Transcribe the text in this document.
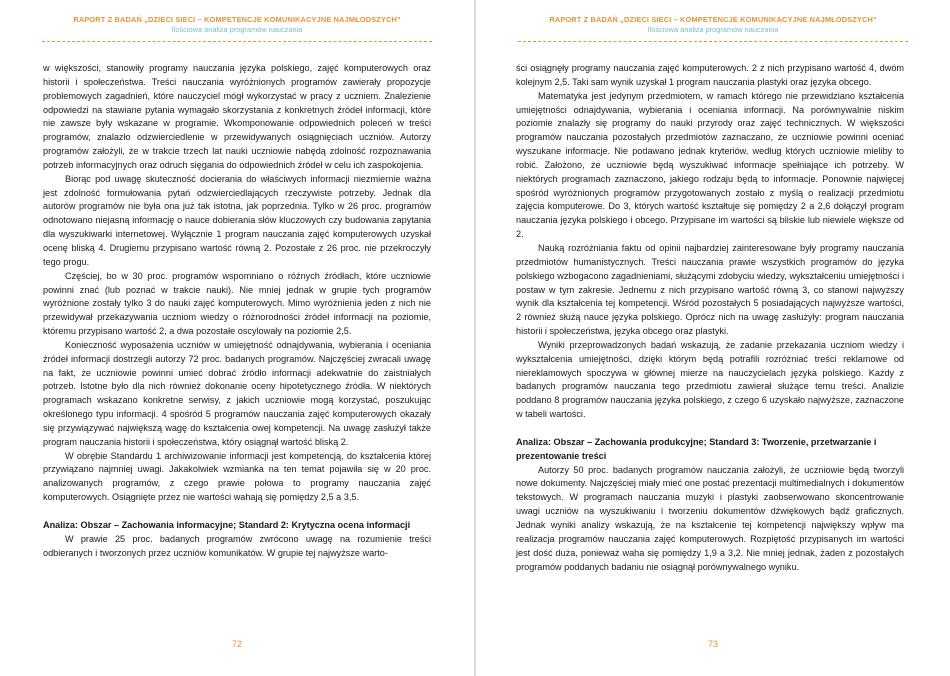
RAPORT Z BADAŃ „DZIECI SIECI – KOMPETENCJE KOMUNIKACYJNE NAJMŁODSZYCH"
Ilościowa analiza programów nauczania

w większości, stanowiły programy nauczania języka polskiego, zajęć komputerowych oraz historii i społeczeństwa. Treści nauczania wyróżnionych programów zawierały propozycje problemowych zagadnień, które nauczyciel mógł wykorzystać w pracy z uczniem. Znalezienie odpowiedzi na stawiane pytania wymagało skorzystania z konkretnych źródeł informacji, które nie zawsze były wskazane w programie. Wkomponowanie odpowiednich poleceń w treści programów, znalazło odzwierciedlenie w przewidywanych osiągnięciach uczniów. Autorzy programów założyli, że w trakcie trzech lat nauki uczniowie nabędą zdolność rozpoznawania potrzeb informacyjnych oraz odruch sięgania do odpowiednich źródeł w celu ich zaspokojenia.

Biorąc pod uwagę skuteczność docierania do właściwych informacji niezmiernie ważna jest zdolność formułowania pytań odzwierciedlających rzeczywiste potrzeby. Jednak dla autorów programów nie była ona już tak istotna, jak poprzednia. Tylko w 26 proc. programów odnotowano niejasną informację o nauce dobierania słów kluczowych czy budowania zapytania dla wyszukiwarki internetowej. Wyłącznie 1 program nauczania zajęć komputerowych uzyskał ocenę bliską 4. Drugiemu przypisano wartość równą 2. Pozostałe z 26 proc. nie przekroczyły tego progu.

Częściej, bo w 30 proc. programów wspomniano o różnych źródłach, które uczniowie powinni znać (lub poznać w trakcie nauki). Nie mniej jednak w grupie tych programów wyróżnione zostały tylko 3 do nauki zajęć komputerowych. Mimo wyróżnienia jeden z nich nie przewidywał przekazywania uczniom wiedzy o różnorodności źródeł informacji na poziomie, któremu przypisano wartość 2, a dwa pozostałe oscylowały na poziomie 2,5.

Konieczność wyposażenia uczniów w umiejętność odnajdywania, wybierania i oceniania źródeł informacji dostrzegli autorzy 72 proc. badanych programów. Najczęściej zwracali uwagę na fakt, że uczniowie powinni umieć dobrać źródło informacji adekwatnie do zaistniałych potrzeb. Istotne było dla nich również dokonanie oceny hipotetycznego źródła. W niektórych programach wskazano konkretne serwisy, z jakich uczniowie mogą korzystać, poszukując określonego typu informacji. 4 spośród 5 programów nauczania zajęć komputerowych okazały się przywiązywać największą wagę do kształcenia owej kompetencji. Na uwagę zasłużył także program nauczania historii i społeczeństwa, który osiągnął wartość bliską 2.

W obrębie Standardu 1 archiwizowanie informacji jest kompetencją, do kształcenia której przywiązano najmniej uwagi. Jakakolwiek wzmianka na ten temat pojawiła się w 20 proc. analizowanych programów, z czego prawie połowa to programy nauczania zajęć komputerowych. Osiągnięte przez nie wartości wahają się pomiędzy 2,5 a 3,5.

Analiza: Obszar – Zachowania informacyjne; Standard 2: Krytyczna ocena informacji

W prawie 25 proc. badanych programów zwrócono uwagę na rozumienie treści odbieranych i tworzonych przez uczniów komunikatów. W grupie tej najwyższe warto-

72
RAPORT Z BADAŃ „DZIECI SIECI – KOMPETENCJE KOMUNIKACYJNE NAJMŁODSZYCH"
Ilościowa analiza programów nauczania

ści osiągnęły programy nauczania zajęć komputerowych. 2 z nich przypisano wartość 4, dwóm kolejnym 2,5. Taki sam wynik uzyskał 1 program nauczania plastyki oraz języka obcego.

Matematyka jest jedynym przedmiotem, w ramach którego nie przewidziano kształcenia umiejętności odnajdywania, wybierania i oceniania informacji. Na porównywalnie niskim poziomie znalazły się programy do nauki przyrody oraz zajęć technicznych. W większości programów nauczania pozostałych przedmiotów zaznaczano, że uczniowie powinni oceniać wyszukane informacje. Nie podawano jednak kryteriów, według których uczniowie mieliby to robić. Założono, że uczniowie będą wyszukiwać informacje spełniające ich potrzeby. W niektórych programach zaznaczono, jakiego rodzaju będą to informacje. Ponownie najwięcej spośród wyróżnionych programów przygotowanych zostało z myślą o realizacji przedmiotu zajęcia komputerowe. Do 3, których wartość kształtuje się pomiędzy 2 a 2,6 dołączył program nauczania języka polskiego i obcego. Przypisane im wartości są bliskie lub niewiele większe od 2.

Nauką rozróżniania faktu od opinii najbardziej zainteresowane były programy nauczania przedmiotów humanistycznych. Treści nauczania prawie wszystkich programów do języka polskiego wzbogacono zagadnieniami, służącymi zdobyciu wiedzy, wykształceniu umiejętności i postaw w tym zakresie. Jednemu z nich przypisano wartość równą 3, co stanowi najwyższy wynik dla kształcenia tej kompetencji. Wśród pozostałych 5 posiadających najwyższe wartości, 2 również służą nauce języka polskiego. Oprócz nich na uwagę zasłużyły: program nauczania historii i społeczeństwa, języka obcego oraz plastyki.

Wyniki przeprowadzonych badań wskazują, że zadanie przekazania uczniom wiedzy i wykształcenia umiejętności, dzięki którym będą potrafili rozróżniać treści reklamowe od niereklamowych spoczywa w głównej mierze na nauczycielach języka polskiego. Każdy z badanych programów nauczania tego przedmiotu zawierał służące temu treści. Analizie poddano 8 programów nauczania języka polskiego, z czego 6 uzyskało najwyższe, zaznaczone w tabeli wartości.

Analiza: Obszar – Zachowania produkcyjne; Standard 3: Tworzenie, przetwarzanie i prezentowanie treści

Autorzy 50 proc. badanych programów nauczania założyli, że uczniowie będą tworzyli nowe dokumenty. Najczęściej miały mieć one postać prezentacji multimedialnych i dokumentów tekstowych. W programach nauczania muzyki i plastyki zaobserwowano skoncentrowanie uwagi uczniów na wyszukiwaniu i tworzeniu dokumentów dźwiękowych bądź graficznych. Jednak wyniki analizy wskazują, że na kształcenie tej kompetencji największy wpływ ma realizacja programów nauczania zajęć komputerowych. Rozpiętość przypisanych im wartości jest dość duża, ponieważ waha się pomiędzy 1,9 a 3,2. Nie mniej jednak, żaden z pozostałych programów poddanych badaniu nie osiągnął porównywalnego wyniku.

73
